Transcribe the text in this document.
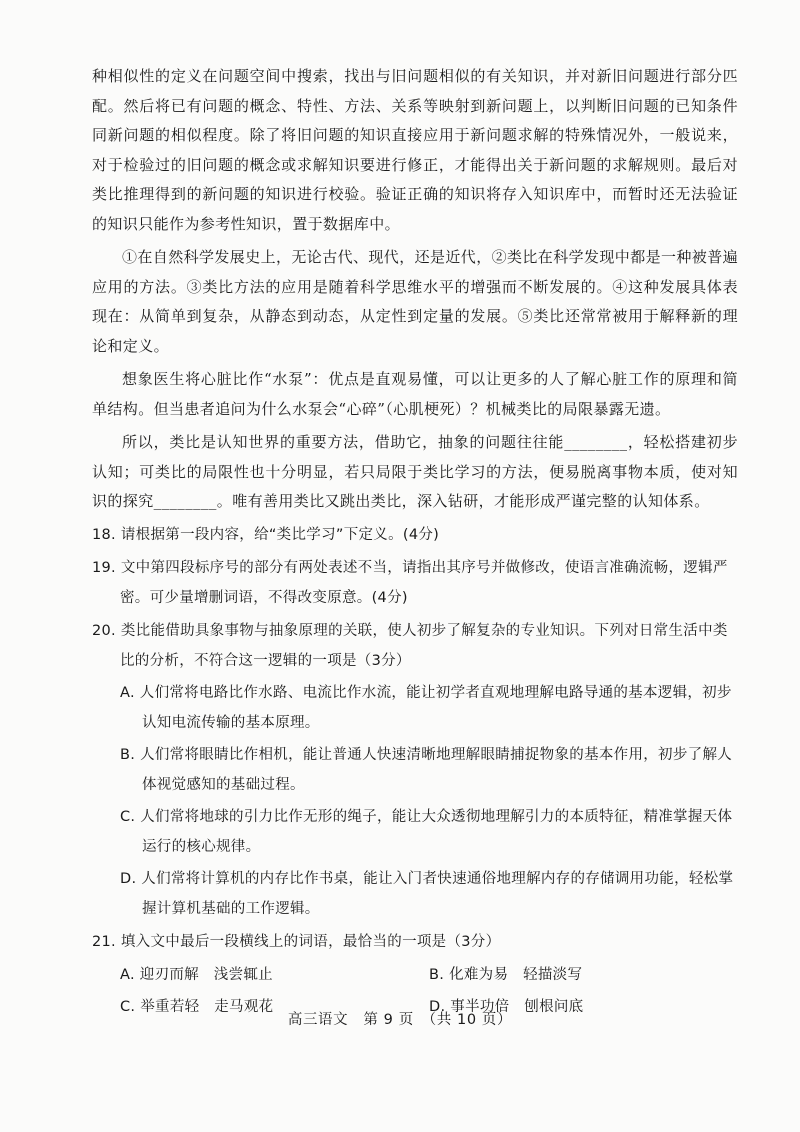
种相似性的定义在问题空间中搜索，找出与旧问题相似的有关知识，并对新旧问题进行部分匹配。然后将已有问题的概念、特性、方法、关系等映射到新问题上，以判断旧问题的已知条件同新问题的相似程度。除了将旧问题的知识直接应用于新问题求解的特殊情况外，一般说来，对于检验过的旧问题的概念或求解知识要进行修正，才能得出关于新问题的求解规则。最后对类比推理得到的新问题的知识进行校验。验证正确的知识将存入知识库中，而暂时还无法验证的知识只能作为参考性知识，置于数据库中。

①在自然科学发展史上，无论古代、现代，还是近代，②类比在科学发现中都是一种被普遍应用的方法。③类比方法的应用是随着科学思维水平的增强而不断发展的。④这种发展具体表现在：从简单到复杂，从静态到动态，从定性到定量的发展。⑤类比还常常被用于解释新的理论和定义。

想象医生将心脏比作“水泵”：优点是直观易懂，可以让更多的人了解心脏工作的原理和简单结构。但当患者追问为什么水泵会“心碎”（心肌梗死）？机械类比的局限暴露无遗。

所以，类比是认知世界的重要方法，借助它，抽象的问题往往能________，轻松搭建初步认知；可类比的局限性也十分明显，若只局限于类比学习的方法，便易脱离事物本质，使对知识的探究________。唯有善用类比又跳出类比，深入钻研，才能形成严谨完整的认知体系。

18. 请根据第一段内容，给“类比学习”下定义。(4分)

19. 文中第四段标序号的部分有两处表述不当，请指出其序号并做修改，使语言准确流畅，逻辑严密。可少量增删词语，不得改变原意。(4分)

20. 类比能借助具象事物与抽象原理的关联，使人初步了解复杂的专业知识。下列对日常生活中类比的分析，不符合这一逻辑的一项是（3分）

A. 人们常将电路比作水路、电流比作水流，能让初学者直观地理解电路导通的基本逻辑，初步认知电流传输的基本原理。

B. 人们常将眼睛比作相机，能让普通人快速清晰地理解眼睛捕捉物象的基本作用，初步了解人体视觉感知的基础过程。

C. 人们常将地球的引力比作无形的绳子，能让大众透彻地理解引力的本质特征，精准掌握天体运行的核心规律。

D. 人们常将计算机的内存比作书桌，能让入门者快速通俗地理解内存的存储调用功能，轻松掌握计算机基础的工作逻辑。

21. 填入文中最后一段横线上的词语，最恰当的一项是（3分）

A. 迎刃而解　浅尝辄止	B. 化难为易　轻描淡写
C. 举重若轻　走马观花	D. 事半功倍　刨根问底
高三语文　第 9 页　（共 10 页）
